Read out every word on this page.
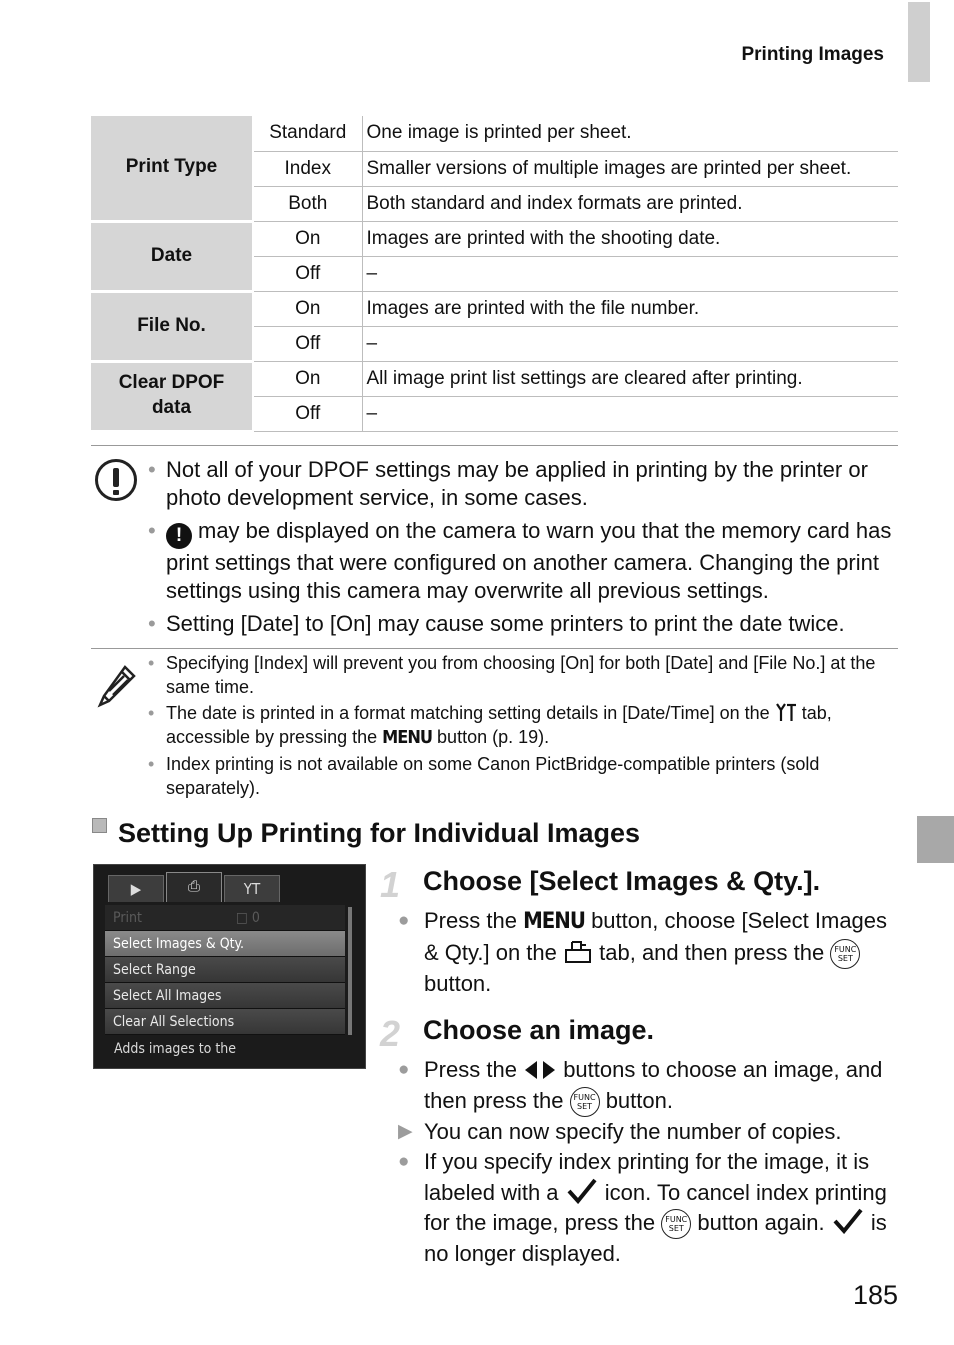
Printing Images
Print Type	Standard	One image is printed per sheet.
	Index	Smaller versions of multiple images are printed per sheet.
	Both	Both standard and index formats are printed.
Date	On	Images are printed with the shooting date.
	Off	–
File No.	On	Images are printed with the file number.
	Off	–
Clear DPOF
data	On	All image print list settings are cleared after printing.
	Off	–
• Not all of your DPOF settings may be applied in printing by the printer or photo development service, in some cases.
• ! may be displayed on the camera to warn you that the memory card has print settings that were configured on another camera. Changing the print settings using this camera may overwrite all previous settings.
• Setting [Date] to [On] may cause some printers to print the date twice.
• Specifying [Index] will prevent you from choosing [On] for both [Date] and [File No.] at the same time.
• The date is printed in a format matching setting details in [Date/Time] on the tab, accessible by pressing the MENU button (p. 19).
• Index printing is not available on some Canon PictBridge-compatible printers (sold separately).
Setting Up Printing for Individual Images
▶	⎙	YT
Print	□ 0
Select Images & Qty.
Select Range
Select All Images
Clear All Selections
Adds images to the
1 Choose [Select Images & Qty.].
● Press the MENU button, choose [Select Images & Qty.] on the tab, and then press the FUNC
SET button.
2 Choose an image.
● Press the buttons to choose an image, and then press the FUNC
SET button.
▶ You can now specify the number of copies.
● If you specify index printing for the image, it is labeled with a icon. To cancel index printing for the image, press the FUNC
SET button again. is no longer displayed.
185
